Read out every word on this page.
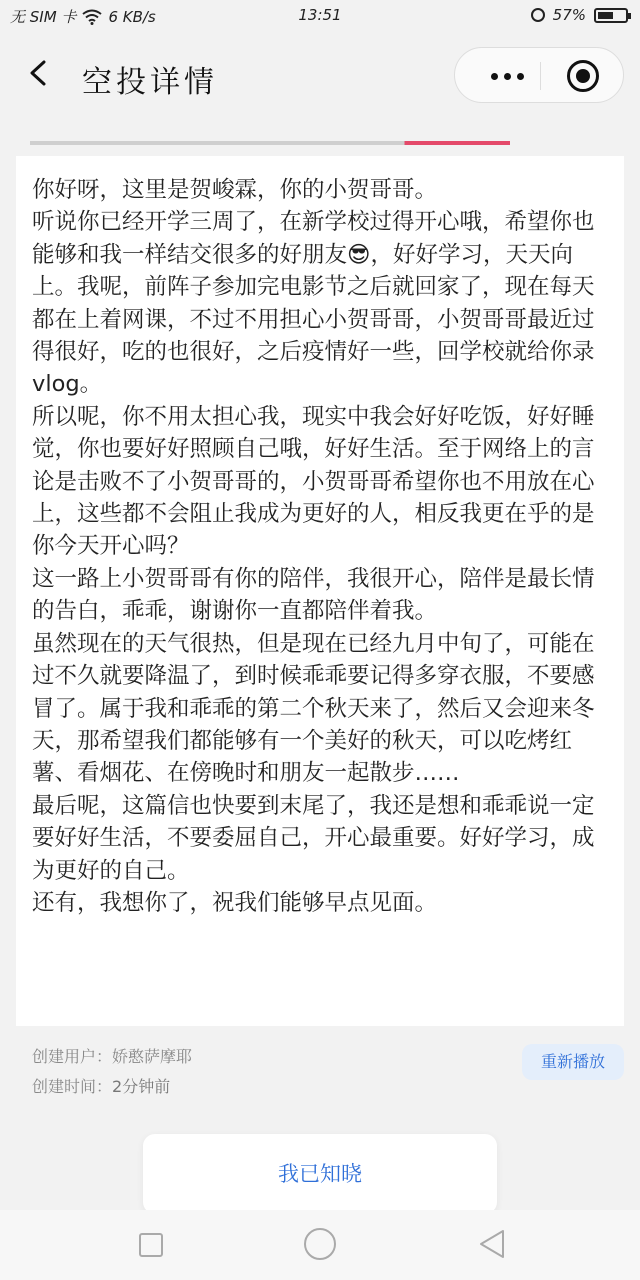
无 SIM 卡 6 KB/s	13:51	57%
空投详情

你好呀，这里是贺峻霖，你的小贺哥哥。

听说你已经开学三周了，在新学校过得开心哦，希望你也能够和我一样结交很多的好朋友😎，好好学习，天天向上。我呢，前阵子参加完电影节之后就回家了，现在每天都在上着网课，不过不用担心小贺哥哥，小贺哥哥最近过得很好，吃的也很好，之后疫情好一些，回学校就给你录vlog。

所以呢，你不用太担心我，现实中我会好好吃饭，好好睡觉，你也要好好照顾自己哦，好好生活。至于网络上的言论是击败不了小贺哥哥的，小贺哥哥希望你也不用放在心上，这些都不会阻止我成为更好的人，相反我更在乎的是你今天开心吗？

这一路上小贺哥哥有你的陪伴，我很开心，陪伴是最长情的告白，乖乖，谢谢你一直都陪伴着我。

虽然现在的天气很热，但是现在已经九月中旬了，可能在过不久就要降温了，到时候乖乖要记得多穿衣服，不要感冒了。属于我和乖乖的第二个秋天来了，然后又会迎来冬天，那希望我们都能够有一个美好的秋天，可以吃烤红薯、看烟花、在傍晚时和朋友一起散步……

最后呢，这篇信也快要到末尾了，我还是想和乖乖说一定要好好生活，不要委屈自己，开心最重要。好好学习，成为更好的自己。

还有，我想你了，祝我们能够早点见面。

创建用户：娇憨萨摩耶
创建时间：2分钟前
重新播放
我已知晓
